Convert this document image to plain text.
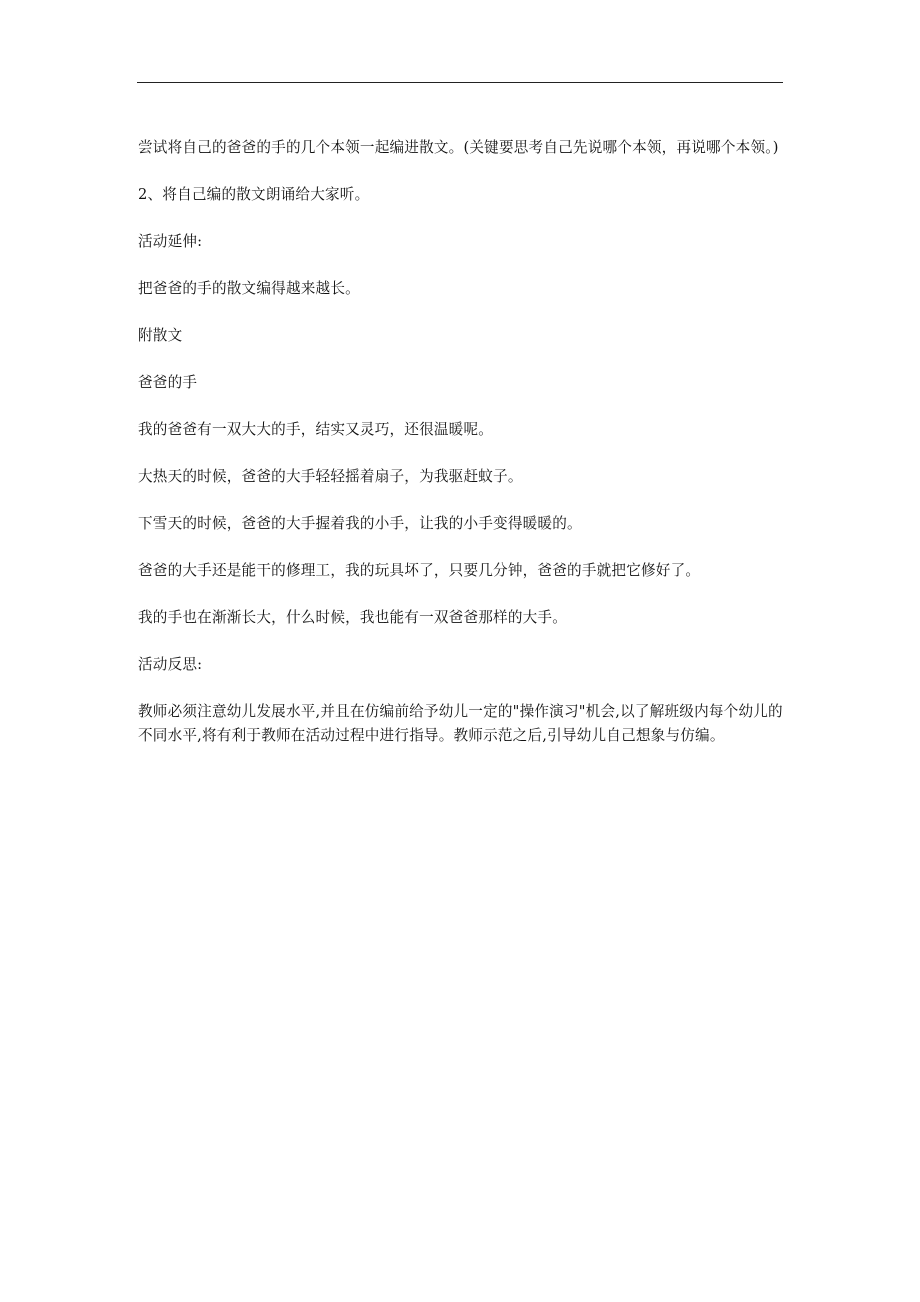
尝试将自己的爸爸的手的几个本领一起编进散文。(关键要思考自己先说哪个本领，再说哪个本领。)

2、将自己编的散文朗诵给大家听。

活动延伸:

把爸爸的手的散文编得越来越长。

附散文

爸爸的手

我的爸爸有一双大大的手，结实又灵巧，还很温暖呢。

大热天的时候，爸爸的大手轻轻摇着扇子，为我驱赶蚊子。

下雪天的时候，爸爸的大手握着我的小手，让我的小手变得暖暖的。

爸爸的大手还是能干的修理工，我的玩具坏了，只要几分钟，爸爸的手就把它修好了。

我的手也在渐渐长大，什么时候，我也能有一双爸爸那样的大手。

活动反思:

教师必须注意幼儿发展水平,并且在仿编前给予幼儿一定的"操作演习"机会,以了解班级内每个幼儿的不同水平,将有利于教师在活动过程中进行指导。教师示范之后,引导幼儿自己想象与仿编。
